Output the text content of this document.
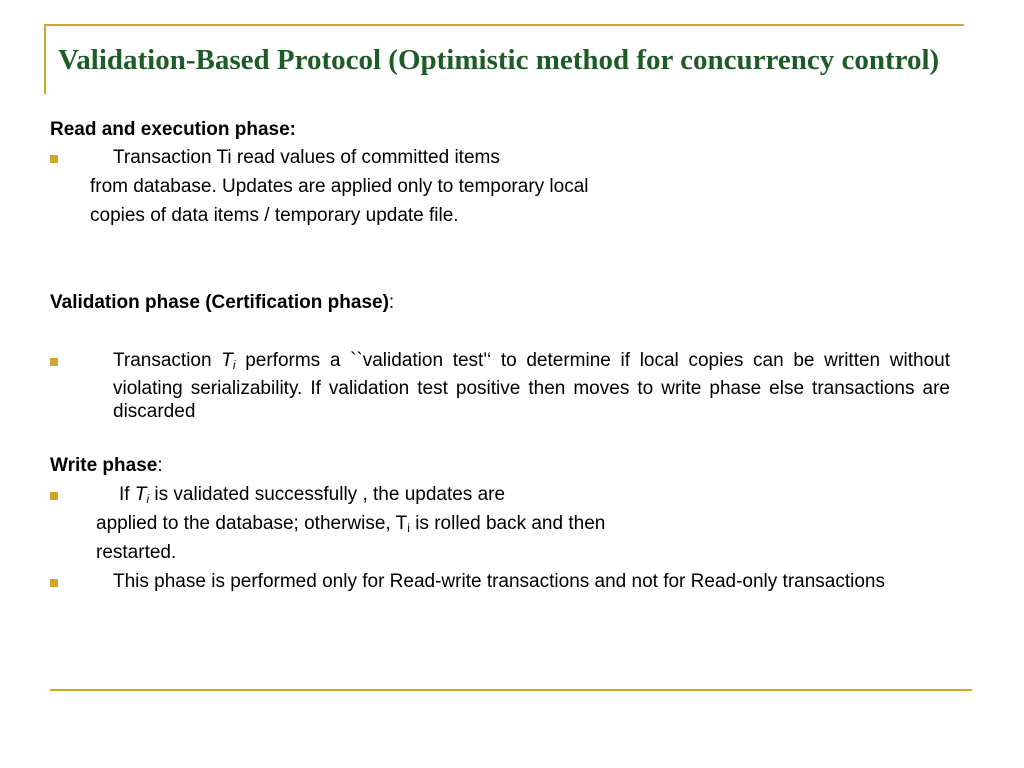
Validation-Based Protocol (Optimistic method for concurrency control)

Read and execution phase:

Transaction Ti read values of committed items

from database. Updates are applied only to temporary local

copies of data items / temporary update file.

Validation phase (Certification phase):

Transaction $T_i$ performs a ``validation test'‘ to determine if local copies can be written without violating serializability. If validation test positive then moves to write phase else transactions are discarded

Write phase:

If $T_i$ is validated successfully , the updates are

applied to the database; otherwise, $T_i$ is rolled back and then

restarted.

This phase is performed only for Read-write transactions and not for Read-only transactions
